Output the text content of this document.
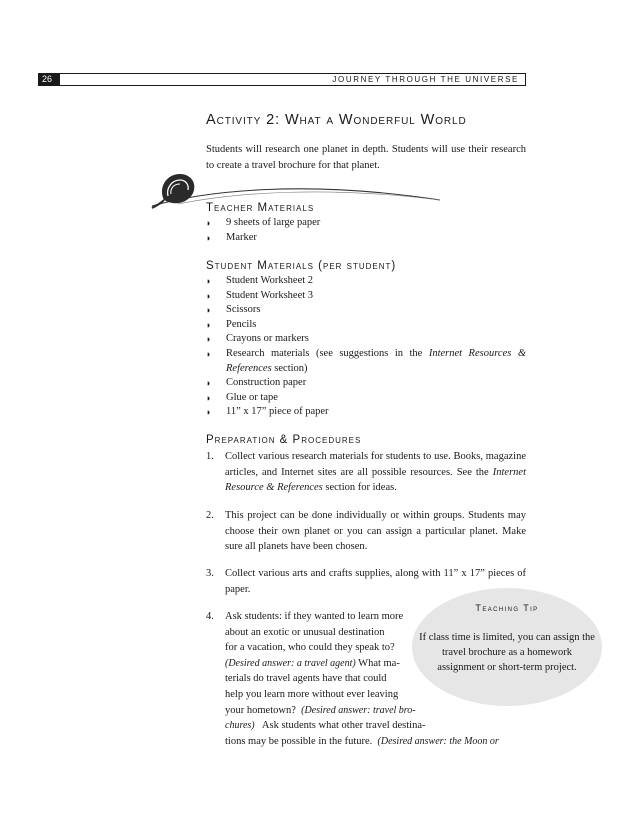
26	JOURNEY THROUGH THE UNIVERSE
Activity 2: What a Wonderful World
Students will research one planet in depth. Students will use their research to create a travel brochure for that planet.
Teacher Materials
◗ 9 sheets of large paper
◗ Marker
Student Materials (per student)
◗ Student Worksheet 2
◗ Student Worksheet 3
◗ Scissors
◗ Pencils
◗ Crayons or markers
◗ Research materials (see suggestions in the Internet Resources & References section)
◗ Construction paper
◗ Glue or tape
◗ 11” x 17” piece of paper
Preparation & Procedures
1. Collect various research materials for students to use. Books, magazine articles, and Internet sites are all possible resources. See the Internet Resource & References section for ideas.
2. This project can be done individually or within groups. Students may choose their own planet or you can assign a particular planet. Make sure all planets have been chosen.
3. Collect various arts and crafts supplies, along with 11” x 17” pieces of paper.
4. Ask students: if they wanted to learn more
about an exotic or unusual destination
for a vacation, who could they speak to?
(Desired answer: a travel agent) What ma-
terials do travel agents have that could
help you learn more without ever leaving
your hometown?  (Desired answer: travel bro-
chures)   Ask students what other travel destina-
tions may be possible in the future.  (Desired answer: the Moon or
Teaching Tip
If class time is limited, you can assign the travel brochure as a homework assignment or short-term project.
